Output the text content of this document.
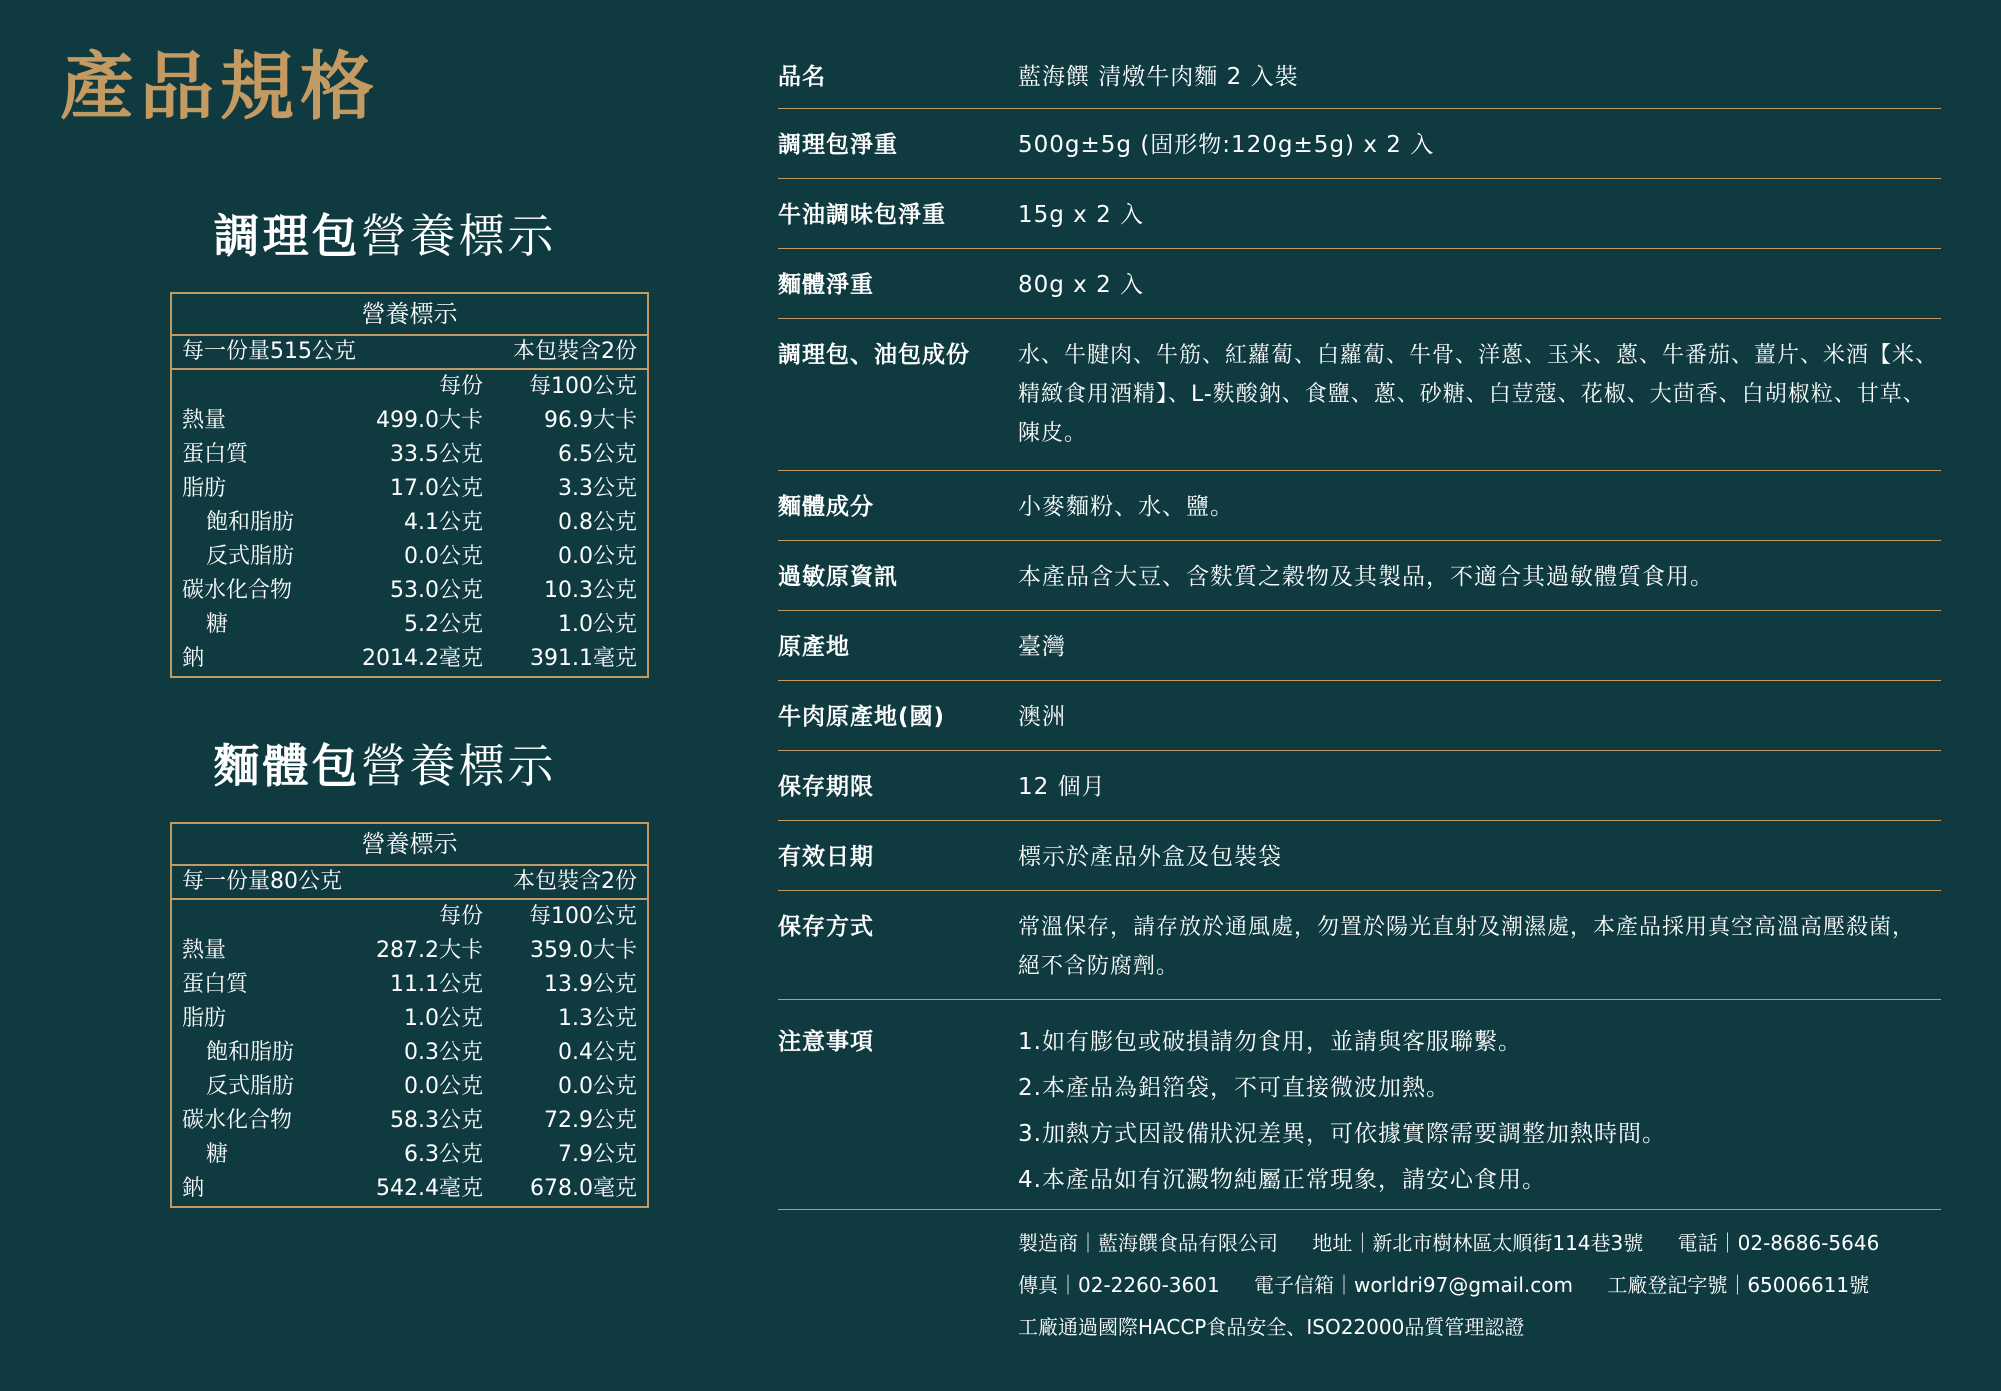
產品規格
調理包營養標示
營養標示
每一份量515公克	本包裝含2份
每份	每100公克
熱量	499.0大卡	96.9大卡
蛋白質	33.5公克	6.5公克
脂肪	17.0公克	3.3公克
飽和脂肪	4.1公克	0.8公克
反式脂肪	0.0公克	0.0公克
碳水化合物	53.0公克	10.3公克
糖	5.2公克	1.0公克
鈉	2014.2毫克	391.1毫克
麵體包營養標示
營養標示
每一份量80公克	本包裝含2份
每份	每100公克
熱量	287.2大卡	359.0大卡
蛋白質	11.1公克	13.9公克
脂肪	1.0公克	1.3公克
飽和脂肪	0.3公克	0.4公克
反式脂肪	0.0公克	0.0公克
碳水化合物	58.3公克	72.9公克
糖	6.3公克	7.9公克
鈉	542.4毫克	678.0毫克
品名	藍海饌 清燉牛肉麵 2 入裝
調理包淨重	500g±5g (固形物:120g±5g) x 2 入
牛油調味包淨重	15g x 2 入
麵體淨重	80g x 2 入
調理包、油包成份	水、牛腱肉、牛筋、紅蘿蔔、白蘿蔔、牛骨、洋蔥、玉米、蔥、牛番茄、薑片、米酒【米、
精緻食用酒精】、L-麩酸鈉、食鹽、蔥、砂糖、白荳蔻、花椒、大茴香、白胡椒粒、甘草、
陳皮。
麵體成分	小麥麵粉、水、鹽。
過敏原資訊	本產品含大豆、含麩質之穀物及其製品，不適合其過敏體質食用。
原產地	臺灣
牛肉原產地(國)	澳洲
保存期限	12 個月
有效日期	標示於產品外盒及包裝袋
保存方式	常溫保存，請存放於通風處，勿置於陽光直射及潮濕處，本產品採用真空高溫高壓殺菌，
絕不含防腐劑。
注意事項	1.如有膨包或破損請勿食用，並請與客服聯繫。
2.本產品為鋁箔袋，不可直接微波加熱。
3.加熱方式因設備狀況差異，可依據實際需要調整加熱時間。
4.本產品如有沉澱物純屬正常現象，請安心食用。
製造商｜藍海饌食品有限公司 地址｜新北市樹林區太順街114巷3號 電話｜02-8686-5646
傳真｜02-2260-3601 電子信箱｜worldri97@gmail.com 工廠登記字號｜65006611號
工廠通過國際HACCP食品安全、ISO22000品質管理認證
